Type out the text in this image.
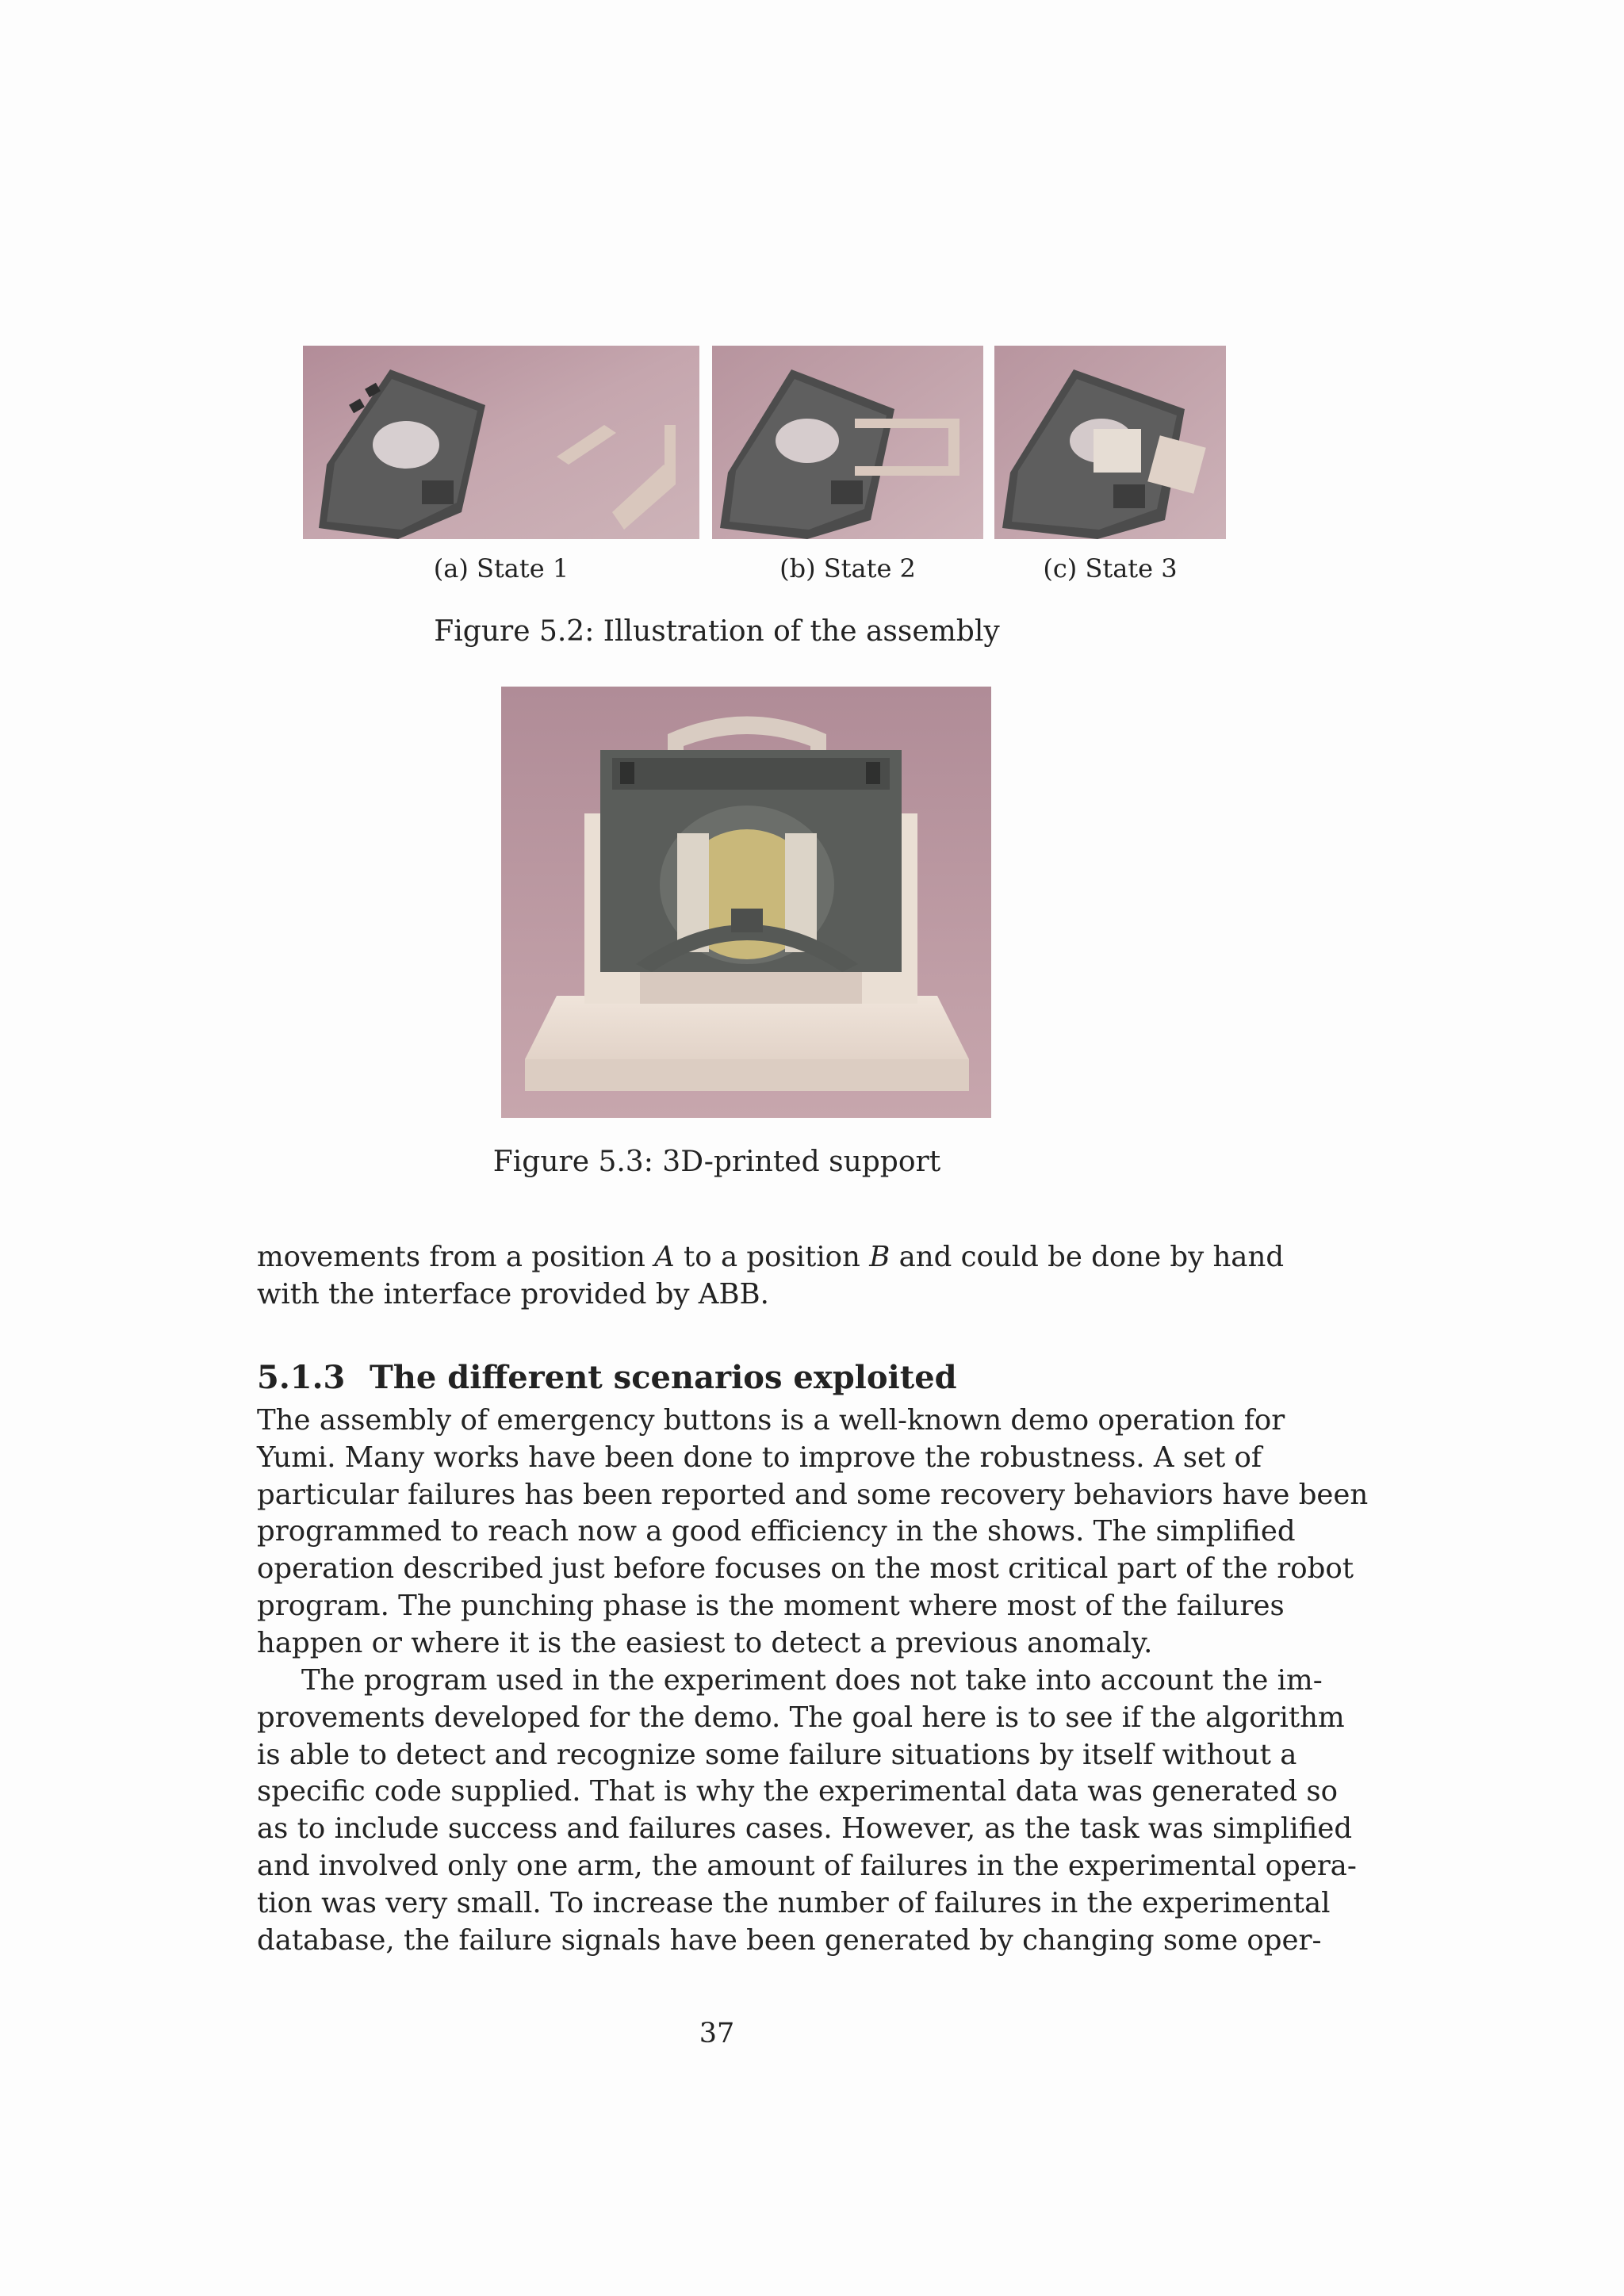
(a) State 1	(b) State 2	(c) State 3
Figure 5.2: Illustration of the assembly
Figure 5.3: 3D-printed support

movements from a position A to a position B and could be done by hand
with the interface provided by ABB.

5.1.3 The different scenarios exploited

The assembly of emergency buttons is a well-known demo operation for
Yumi. Many works have been done to improve the robustness. A set of
particular failures has been reported and some recovery behaviors have been
programmed to reach now a good efficiency in the shows. The simplified
operation described just before focuses on the most critical part of the robot
program. The punching phase is the moment where most of the failures
happen or where it is the easiest to detect a previous anomaly.

The program used in the experiment does not take into account the im-
provements developed for the demo. The goal here is to see if the algorithm
is able to detect and recognize some failure situations by itself without a
specific code supplied. That is why the experimental data was generated so
as to include success and failures cases. However, as the task was simplified
and involved only one arm, the amount of failures in the experimental opera-
tion was very small. To increase the number of failures in the experimental
database, the failure signals have been generated by changing some oper-

37
